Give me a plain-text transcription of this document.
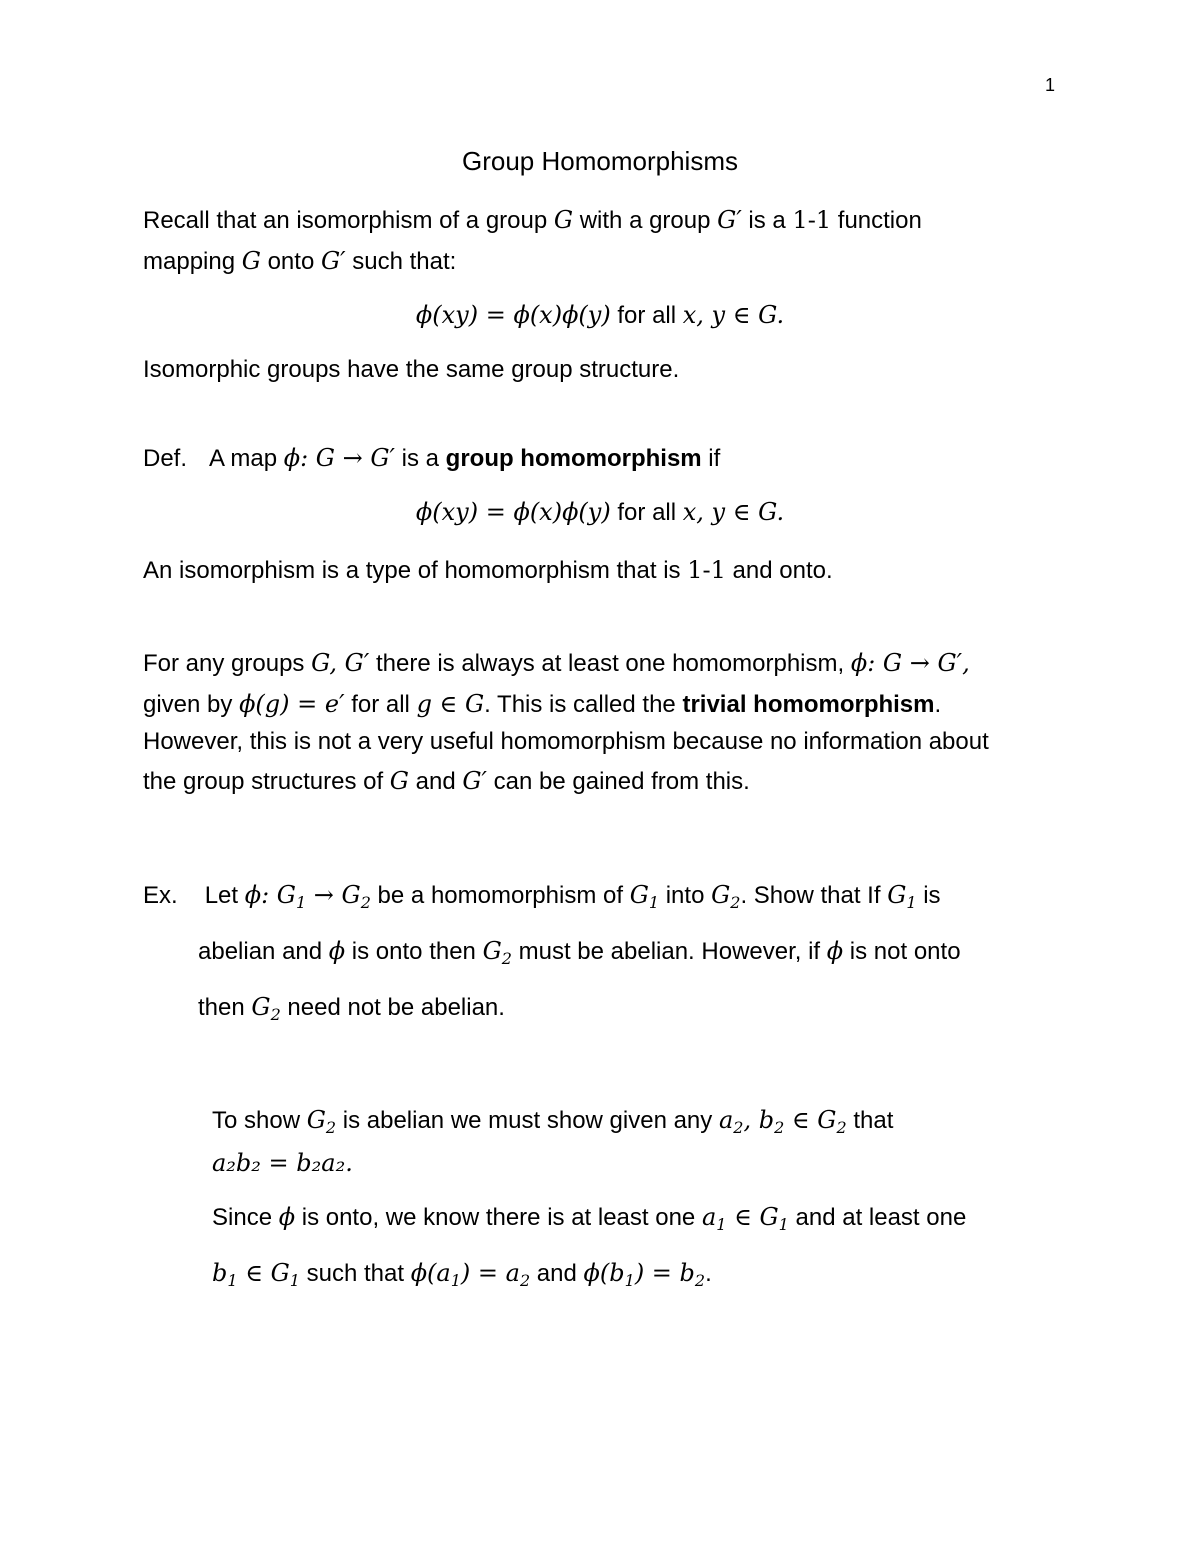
1
Group Homomorphisms
Recall that an isomorphism of a group G with a group G′ is a 1-1 function
mapping G onto G′ such that:
ϕ(xy) = ϕ(x)ϕ(y) for all x, y ∈ G.
Isomorphic groups have the same group structure.
Def. A map ϕ: G → G′ is a group homomorphism if
ϕ(xy) = ϕ(x)ϕ(y) for all x, y ∈ G.
An isomorphism is a type of homomorphism that is 1-1 and onto.
For any groups G, G′ there is always at least one homomorphism, ϕ: G → G′,
given by ϕ(g) = e′ for all g ∈ G. This is called the trivial homomorphism.
However, this is not a very useful homomorphism because no information about
the group structures of G and G′ can be gained from this.
Ex. Let ϕ: $G_1 \to G_2$ be a homomorphism of $G_1$ into $G_2$. Show that If $G_1$ is
abelian and ϕ is onto then $G_2$ must be abelian. However, if ϕ is not onto
then $G_2$ need not be abelian.
To show $G_2$ is abelian we must show given any $a_2$, $b_2$ ∈ $G_2$ that
a₂b₂ = b₂a₂.
Since ϕ is onto, we know there is at least one $a_1$ ∈ $G_1$ and at least one
$b_1$ ∈ $G_1$ such that $\phi(a_1) = a_2$ and $\phi(b_1) = b_2$.
